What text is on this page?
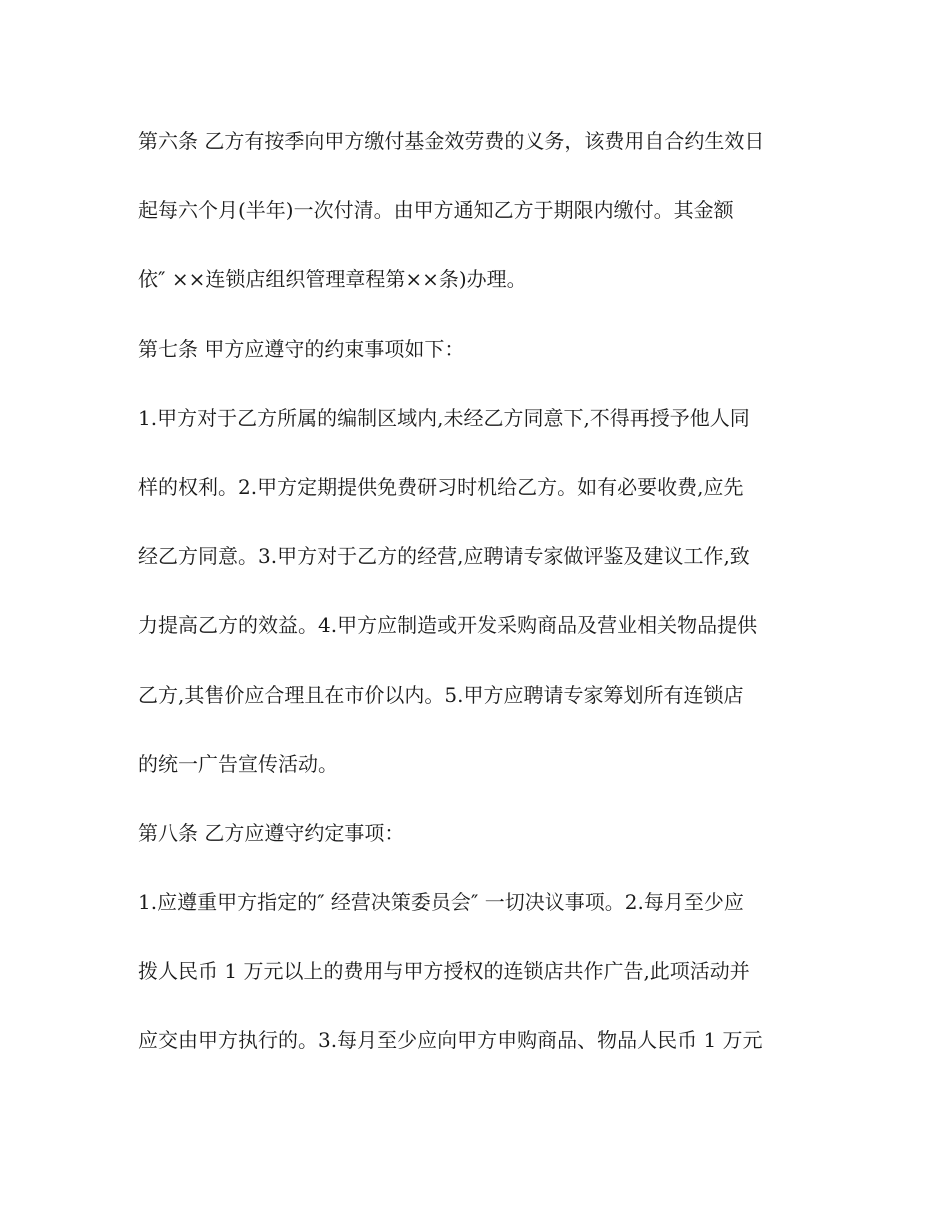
第六条 乙方有按季向甲方缴付基金效劳费的义务，该费用自合约生效日
起每六个月(半年)一次付清。由甲方通知乙方于期限内缴付。其金额
依″ ××连锁店组织管理章程第××条)办理。
第七条 甲方应遵守的约束事项如下：
1.甲方对于乙方所属的编制区域内,未经乙方同意下,不得再授予他人同
样的权利。2.甲方定期提供免费研习时机给乙方。如有必要收费,应先
经乙方同意。3.甲方对于乙方的经营,应聘请专家做评鉴及建议工作,致
力提高乙方的效益。4.甲方应制造或开发采购商品及营业相关物品提供
乙方,其售价应合理且在市价以内。5.甲方应聘请专家筹划所有连锁店
的统一广告宣传活动。
第八条 乙方应遵守约定事项：
1.应遵重甲方指定的″ 经营决策委员会″ 一切决议事项。2.每月至少应
拨人民币 1 万元以上的费用与甲方授权的连锁店共作广告,此项活动并
应交由甲方执行的。3.每月至少应向甲方申购商品、物品人民币 1 万元
